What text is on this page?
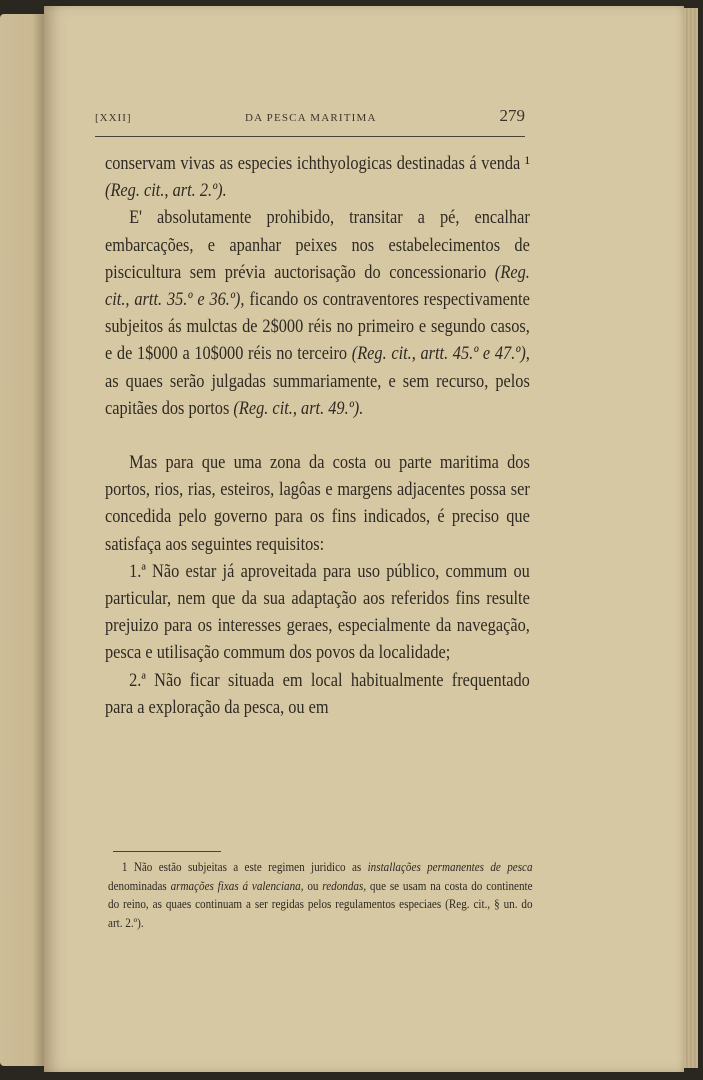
[XXII]	DA PESCA MARITIMA	279

conservam vivas as especies ichthyologicas destinadas á venda ¹ (Reg. cit., art. 2.º).

E' absolutamente prohibido, transitar a pé, encalhar embarcações, e apanhar peixes nos estabelecimentos de piscicultura sem prévia auctorisação do concessionario (Reg. cit., artt. 35.º e 36.º), ficando os contraventores respectivamente subjeitos ás mulctas de 2$000 réis no primeiro e segundo casos, e de 1$000 a 10$000 réis no terceiro (Reg. cit., artt. 45.º e 47.º), as quaes serão julgadas summariamente, e sem recurso, pelos capitães dos portos (Reg. cit., art. 49.º).

Mas para que uma zona da costa ou parte maritima dos portos, rios, rias, esteiros, lagôas e margens adjacentes possa ser concedida pelo governo para os fins indicados, é preciso que satisfaça aos seguintes requisitos:

1.ª Não estar já aproveitada para uso público, commum ou particular, nem que da sua adaptação aos referidos fins resulte prejuizo para os interesses geraes, especialmente da navegação, pesca e utilisação commum dos povos da localidade;

2.ª Não ficar situada em local habitualmente frequentado para a exploração da pesca, ou em

1 Não estão subjeitas a este regimen juridico as installações permanentes de pesca denominadas armações fixas á valenciana, ou redondas, que se usam na costa do continente do reino, as quaes continuam a ser regidas pelos regulamentos especiaes (Reg. cit., § un. do art. 2.º).
